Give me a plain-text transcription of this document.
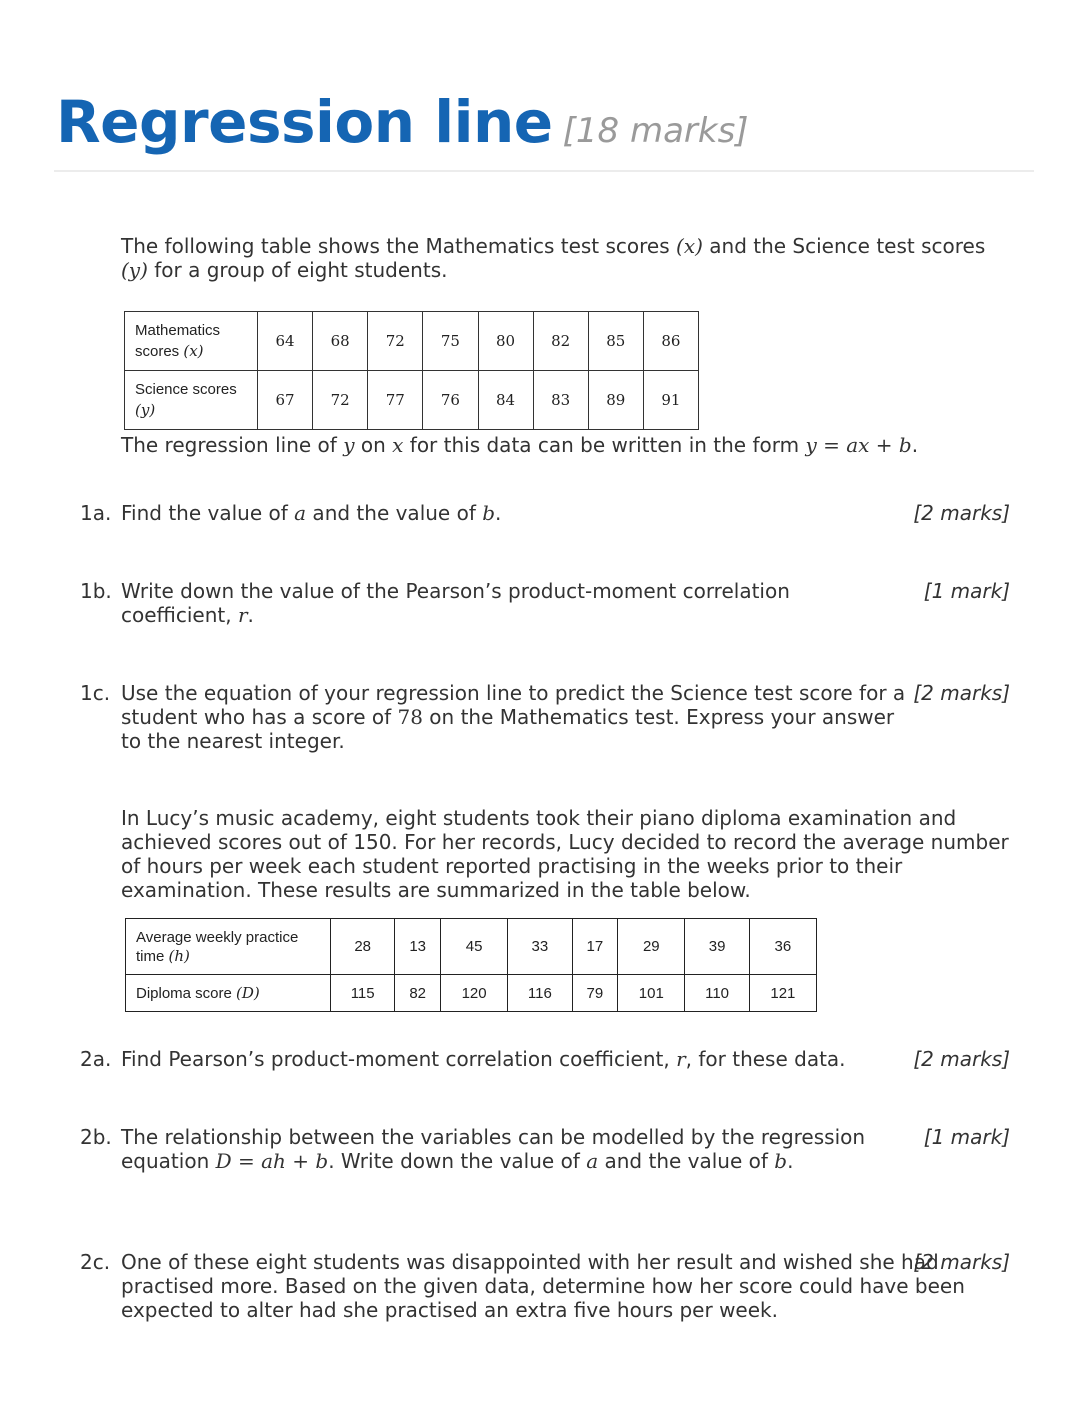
Regression line [18 marks]
The following table shows the Mathematics test scores (x) and the Science test scores (y) for a group of eight students.
Mathematics scores (x)	64	68	72	75	80	82	85	86
Science scores (y)	67	72	77	76	84	83	89	91
The regression line of y on x for this data can be written in the form y = ax + b.
1a. Find the value of a and the value of b.	[2 marks]
1b. Write down the value of the Pearson’s product-moment correlation coefficient, r.
[1 mark]
1c. Use the equation of your regression line to predict the Science test score for a student who has a score of 78 on the Mathematics test. Express your answer to the nearest integer.
[2 marks]
In Lucy’s music academy, eight students took their piano diploma examination and achieved scores out of 150. For her records, Lucy decided to record the average number of hours per week each student reported practising in the weeks prior to their examination. These results are summarized in the table below.
Average weekly practice time (h)	28	13	45	33	17	29	39	36
Diploma score (D)	115	82	120	116	79	101	110	121
2a. Find Pearson’s product-moment correlation coefficient, r, for these data.	[2 marks]
2b. The relationship between the variables can be modelled by the regression equation D = ah + b. Write down the value of a and the value of b.
[1 mark]
2c. One of these eight students was disappointed with her result and wished she had practised more. Based on the given data, determine how her score could have been expected to alter had she practised an extra five hours per week.
[2 marks]
